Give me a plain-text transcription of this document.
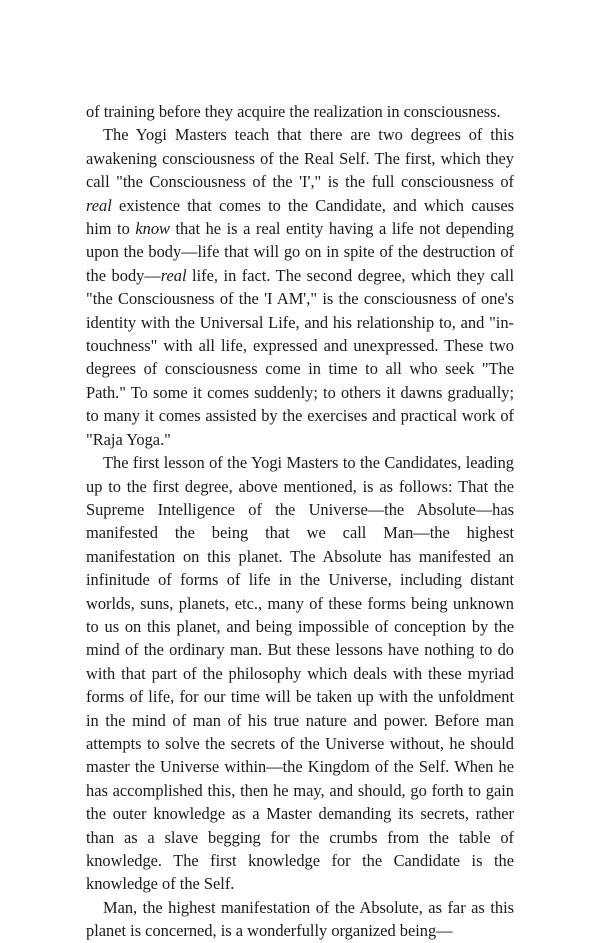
of training before they acquire the realization in consciousness.

The Yogi Masters teach that there are two degrees of this awakening consciousness of the Real Self. The first, which they call "the Consciousness of the 'I'," is the full consciousness of real existence that comes to the Candidate, and which causes him to know that he is a real entity having a life not depending upon the body—life that will go on in spite of the destruction of the body—real life, in fact. The second degree, which they call "the Consciousness of the 'I AM'," is the consciousness of one's identity with the Universal Life, and his relationship to, and "in-touchness" with all life, expressed and unexpressed. These two degrees of consciousness come in time to all who seek "The Path." To some it comes suddenly; to others it dawns gradually; to many it comes assisted by the exercises and practical work of "Raja Yoga."

The first lesson of the Yogi Masters to the Candidates, leading up to the first degree, above mentioned, is as follows: That the Supreme Intelligence of the Universe—the Absolute—has manifested the being that we call Man—the highest manifestation on this planet. The Absolute has manifested an infinitude of forms of life in the Universe, including distant worlds, suns, planets, etc., many of these forms being unknown to us on this planet, and being impossible of conception by the mind of the ordinary man. But these lessons have nothing to do with that part of the philosophy which deals with these myriad forms of life, for our time will be taken up with the unfoldment in the mind of man of his true nature and power. Before man attempts to solve the secrets of the Universe without, he should master the Universe within—the Kingdom of the Self. When he has accomplished this, then he may, and should, go forth to gain the outer knowledge as a Master demanding its secrets, rather than as a slave begging for the crumbs from the table of knowledge. The first knowledge for the Candidate is the knowledge of the Self.

Man, the highest manifestation of the Absolute, as far as this planet is concerned, is a wonderfully organized being—
